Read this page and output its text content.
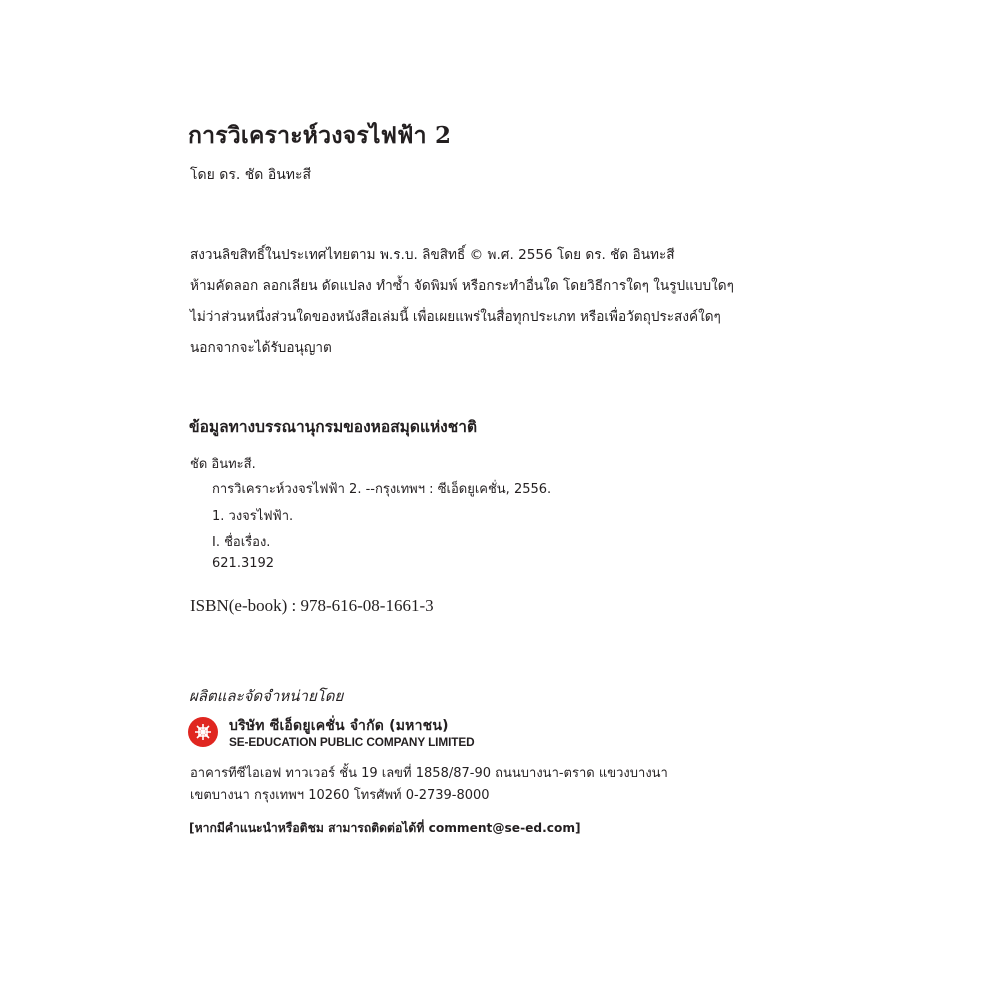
การวิเคราะห์วงจรไฟฟ้า 2
โดย ดร. ชัด อินทะสี
สงวนลิขสิทธิ์ในประเทศไทยตาม พ.ร.บ. ลิขสิทธิ์ © พ.ศ. 2556 โดย ดร. ชัด อินทะสี
ห้ามคัดลอก ลอกเลียน ดัดแปลง ทำซ้ำ จัดพิมพ์ หรือกระทำอื่นใด โดยวิธีการใดๆ ในรูปแบบใดๆ
ไม่ว่าส่วนหนึ่งส่วนใดของหนังสือเล่มนี้ เพื่อเผยแพร่ในสื่อทุกประเภท หรือเพื่อวัตถุประสงค์ใดๆ
นอกจากจะได้รับอนุญาต
ข้อมูลทางบรรณานุกรมของหอสมุดแห่งชาติ
ชัด อินทะสี.
การวิเคราะห์วงจรไฟฟ้า 2. --กรุงเทพฯ : ซีเอ็ดยูเคชั่น, 2556.
1. วงจรไฟฟ้า.
I. ชื่อเรื่อง.
621.3192
ISBN(e-book) : 978-616-08-1661-3
ผลิตและจัดจำหน่ายโดย
บริษัท ซีเอ็ดยูเคชั่น จำกัด (มหาชน)
SE-EDUCATION PUBLIC COMPANY LIMITED
อาคารทีซีไอเอฟ ทาวเวอร์ ชั้น 19 เลขที่ 1858/87-90 ถนนบางนา-ตราด แขวงบางนา
เขตบางนา กรุงเทพฯ 10260 โทรศัพท์ 0-2739-8000
[หากมีคำแนะนำหรือติชม สามารถติดต่อได้ที่ comment@se-ed.com]
